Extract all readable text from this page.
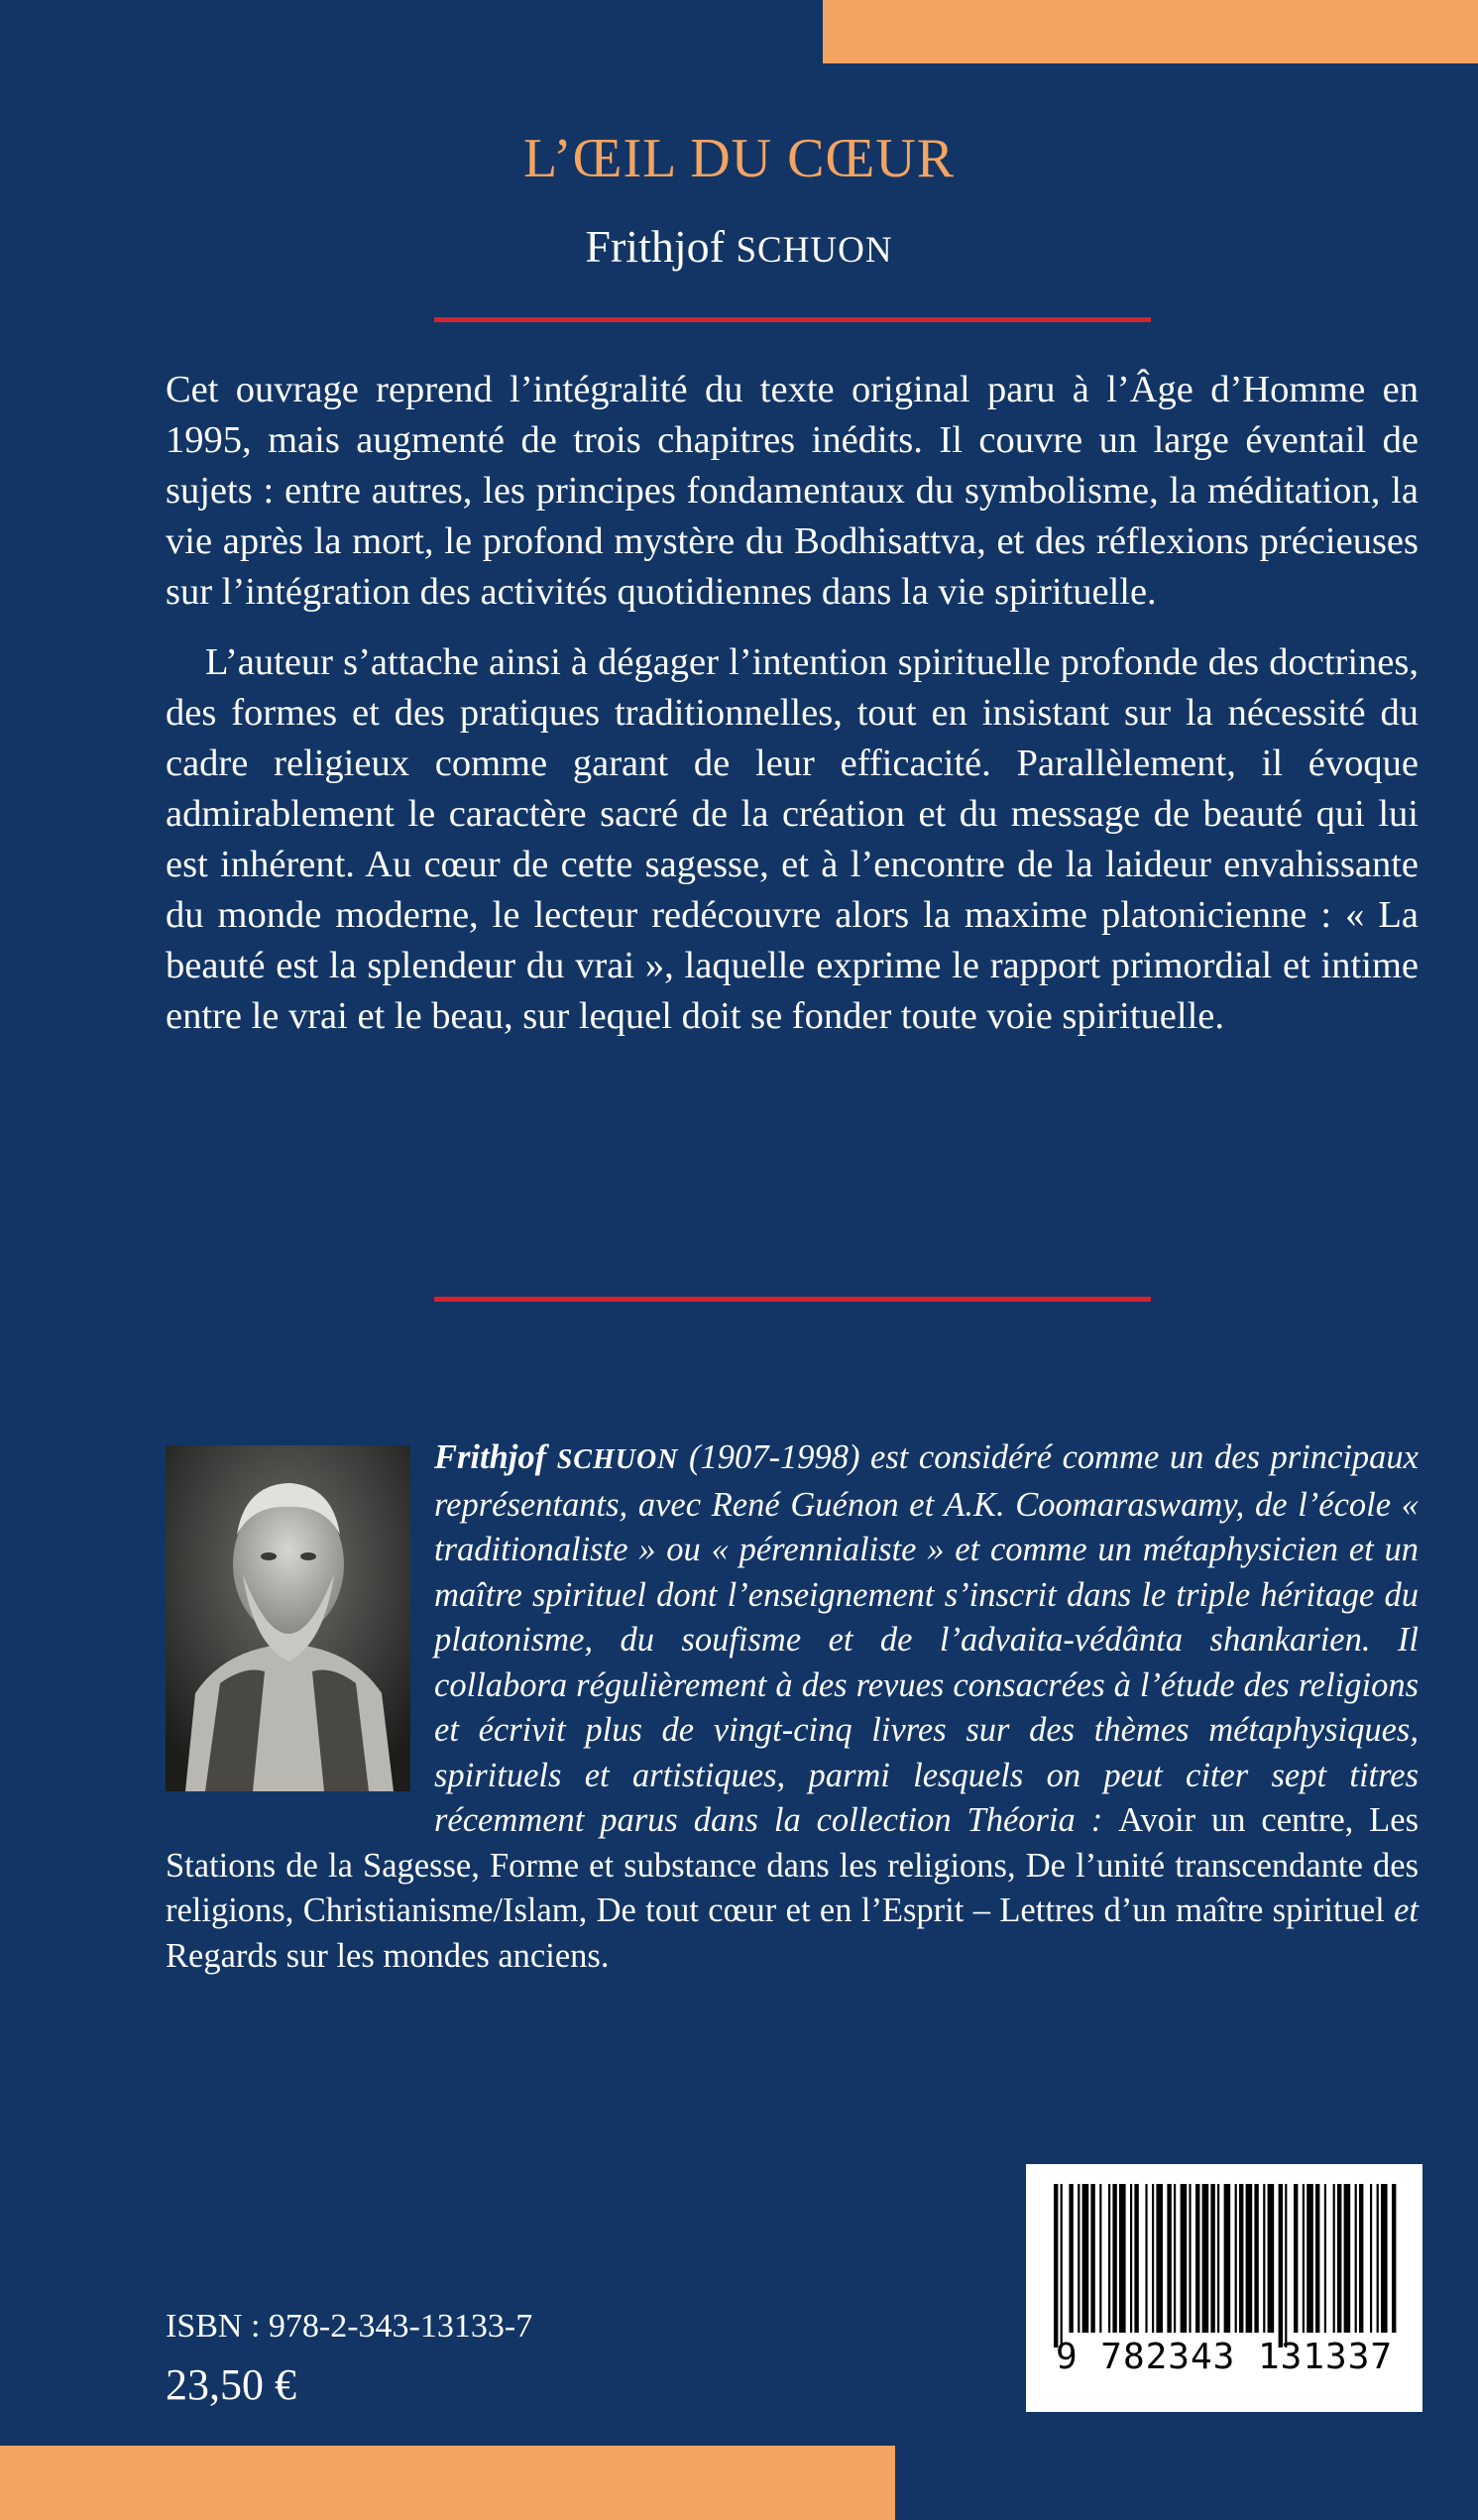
L’ŒIL DU CŒUR

Frithjof SCHUON

Cet ouvrage reprend l’intégralité du texte original paru à l’Âge d’Homme en 1995, mais augmenté de trois chapitres inédits. Il couvre un large éventail de sujets : entre autres, les principes fondamentaux du symbolisme, la méditation, la vie après la mort, le profond mystère du Bodhisattva, et des réflexions précieuses sur l’intégration des activités quotidiennes dans la vie spirituelle.

L’auteur s’attache ainsi à dégager l’intention spirituelle profonde des doctrines, des formes et des pratiques traditionnelles, tout en insistant sur la nécessité du cadre religieux comme garant de leur efficacité. Parallèlement, il évoque admirablement le caractère sacré de la création et du message de beauté qui lui est inhérent. Au cœur de cette sagesse, et à l’encontre de la laideur envahissante du monde moderne, le lecteur redécouvre alors la maxime platonicienne : « La beauté est la splendeur du vrai », laquelle exprime le rapport primordial et intime entre le vrai et le beau, sur lequel doit se fonder toute voie spirituelle.

Frithjof SCHUON (1907-1998) est considéré comme un des principaux représentants, avec René Guénon et A.K. Coomaraswamy, de l’école « traditionaliste » ou « pérennialiste » et comme un métaphysicien et un maître spirituel dont l’enseignement s’inscrit dans le triple héritage du platonisme, du soufisme et de l’advaita-védânta shankarien. Il collabora régulièrement à des revues consacrées à l’étude des religions et écrivit plus de vingt-cinq livres sur des thèmes métaphysiques, spirituels et artistiques, parmi lesquels on peut citer sept titres récemment parus dans la collection Théoria : Avoir un centre, Les Stations de la Sagesse, Forme et substance dans les religions, De l’unité transcendante des religions, Christianisme/Islam, De tout cœur et en l’Esprit – Lettres d’un maître spirituel et Regards sur les mondes anciens.

ISBN : 978-2-343-13133-7

23,50 €

9 782343 131337
